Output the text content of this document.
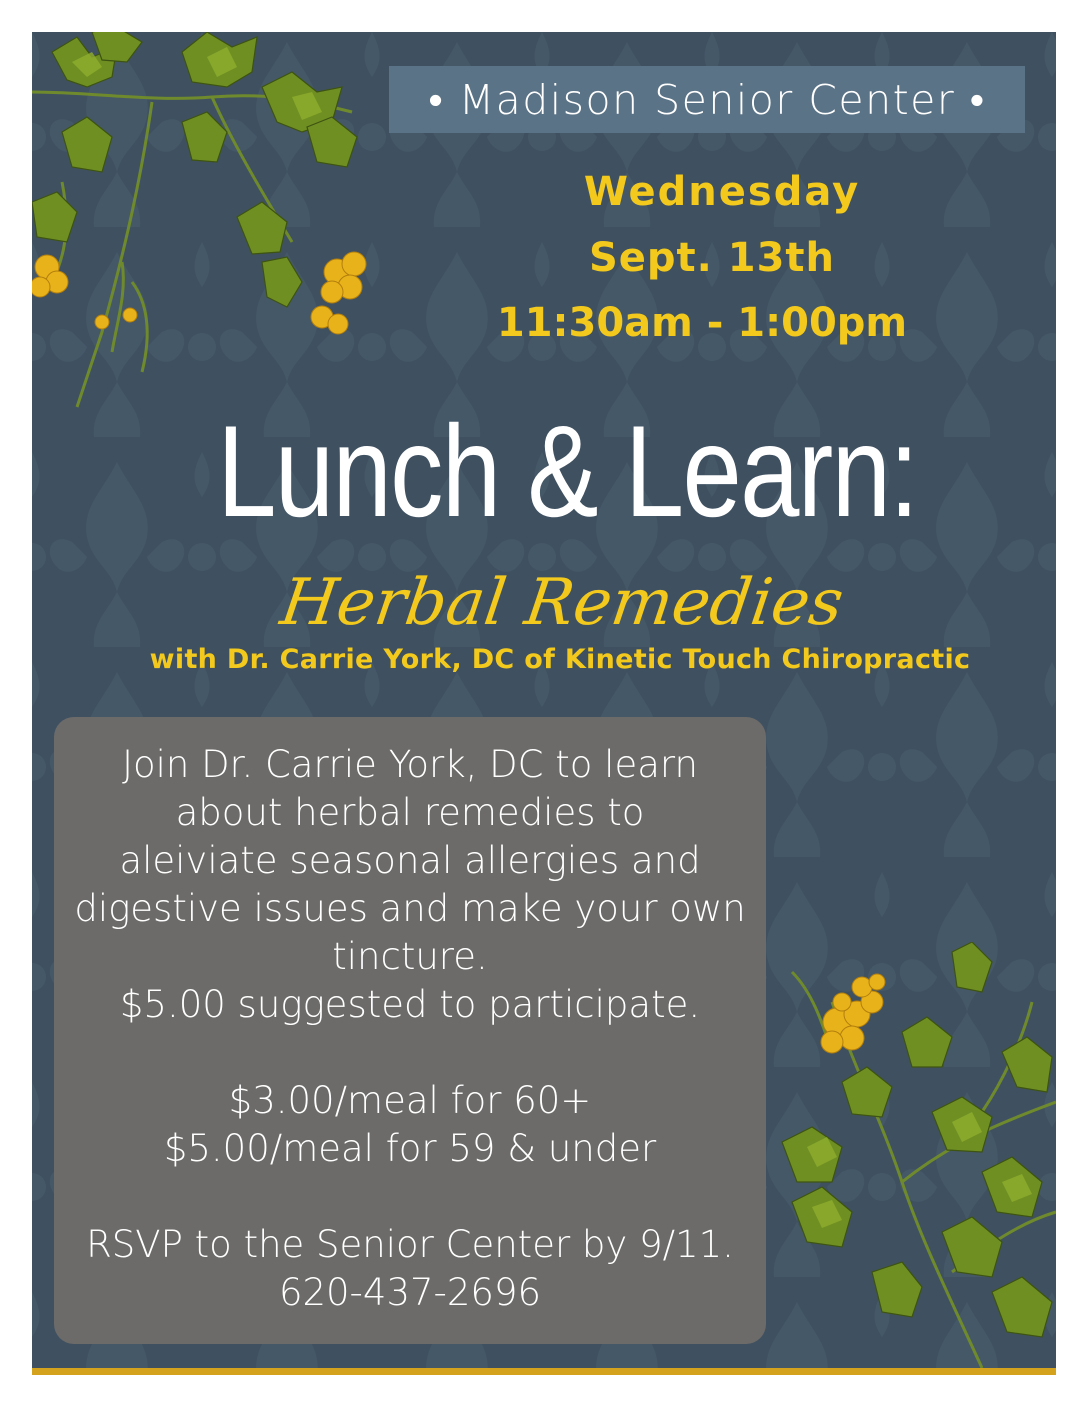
• Madison Senior Center •
Wednesday
Sept. 13th
11:30am - 1:00pm
Lunch & Learn:
Herbal Remedies
with Dr. Carrie York, DC of Kinetic Touch Chiropractic
Join Dr. Carrie York, DC to learn
about herbal remedies to
aleiviate seasonal allergies and
digestive issues and make your own
tincture.
$5.00 suggested to participate.
$3.00/meal for 60+
$5.00/meal for 59 & under
RSVP to the Senior Center by 9/11.
620-437-2696
